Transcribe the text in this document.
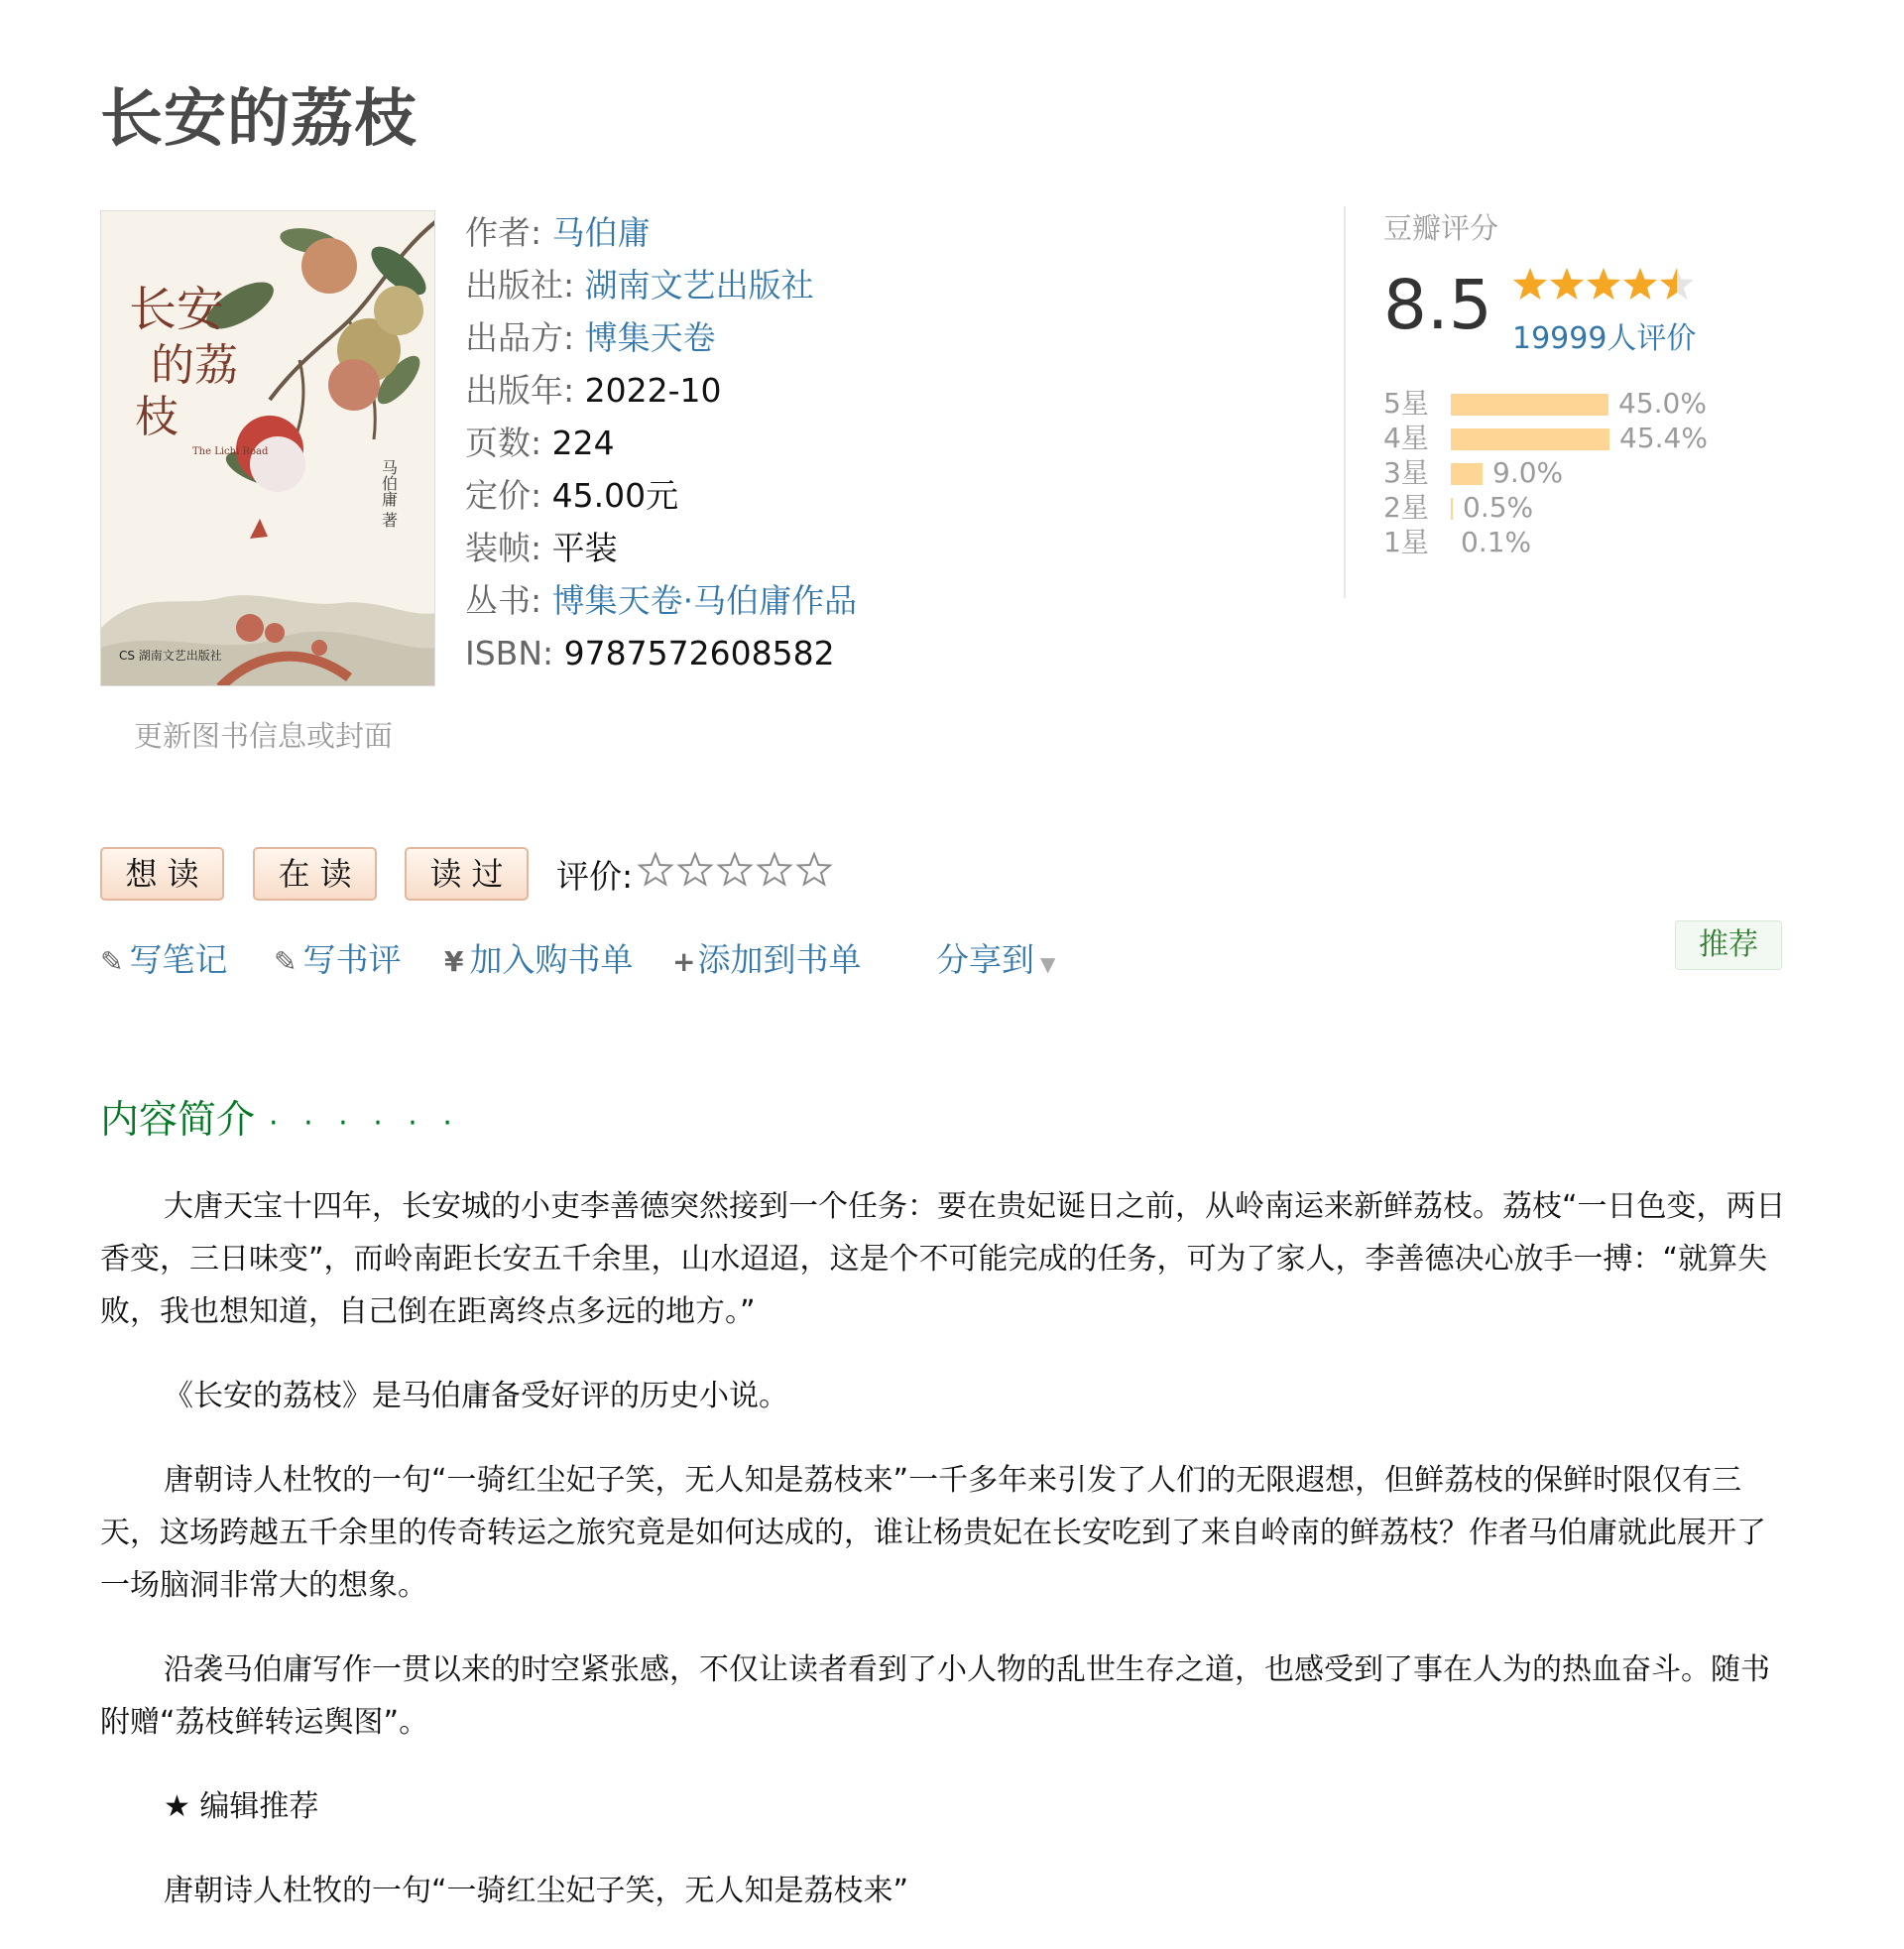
长安的荔枝
长安
的荔
枝
The Lichi Road
马伯庸 著
CS 湖南文艺出版社
更新图书信息或封面
作者: 马伯庸
出版社: 湖南文艺出版社
出品方: 博集天卷
出版年: 2022-10
页数: 224
定价: 45.00元
装帧: 平装
丛书: 博集天卷·马伯庸作品
ISBN: 9787572608582
豆瓣评分
8.5 19999人评价
5星	45.0%
4星	45.4%
3星	9.0%
2星	0.5%
1星	0.1%
想读	在读	读过	评价:
✎ 写笔记 ✎ 写书评 ¥ 加入购书单 +添加到书单 分享到 ▼
推荐
内容简介 · · · · · ·

大唐天宝十四年，长安城的小吏李善德突然接到一个任务：要在贵妃诞日之前，从岭南运来新鲜荔枝。荔枝“一日色变，两日香变，三日味变”，而岭南距长安五千余里，山水迢迢，这是个不可能完成的任务，可为了家人，李善德决心放手一搏：“就算失败，我也想知道，自己倒在距离终点多远的地方。”

《长安的荔枝》是马伯庸备受好评的历史小说。

唐朝诗人杜牧的一句“一骑红尘妃子笑，无人知是荔枝来”一千多年来引发了人们的无限遐想，但鲜荔枝的保鲜时限仅有三天，这场跨越五千余里的传奇转运之旅究竟是如何达成的，谁让杨贵妃在长安吃到了来自岭南的鲜荔枝？作者马伯庸就此展开了一场脑洞非常大的想象。

沿袭马伯庸写作一贯以来的时空紧张感，不仅让读者看到了小人物的乱世生存之道，也感受到了事在人为的热血奋斗。随书附赠“荔枝鲜转运舆图”。

★ 编辑推荐

唐朝诗人杜牧的一句“一骑红尘妃子笑，无人知是荔枝来”
